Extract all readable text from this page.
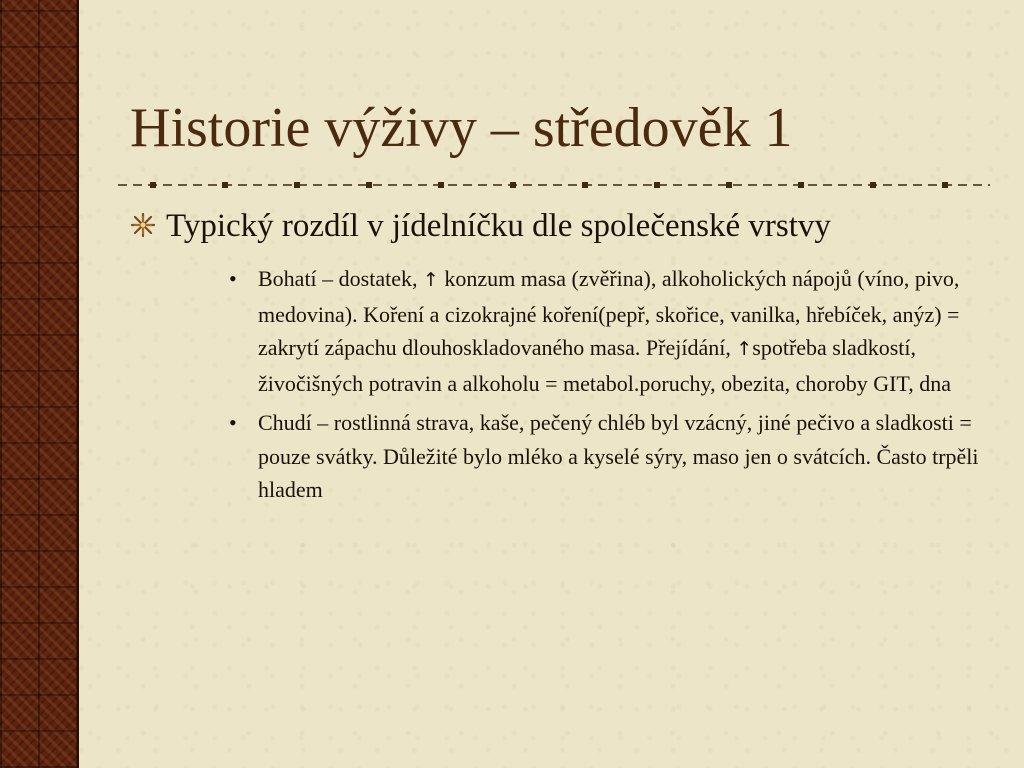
Historie výživy – středověk 1
Typický rozdíl v jídelníčku dle společenské vrstvy
• Bohatí – dostatek, ↑ konzum masa (zvěřina), alkoholických nápojů (víno, pivo, medovina). Koření a cizokrajné koření(pepř, skořice, vanilka, hřebíček, anýz) = zakrytí zápachu dlouhoskladovaného masa. Přejídání, ↑spotřeba sladkostí, živočišných potravin a alkoholu = metabol.poruchy, obezita, choroby GIT, dna
• Chudí – rostlinná strava, kaše, pečený chléb byl vzácný, jiné pečivo a sladkosti = pouze svátky. Důležité bylo mléko a kyselé sýry, maso jen o svátcích. Často trpěli hladem
